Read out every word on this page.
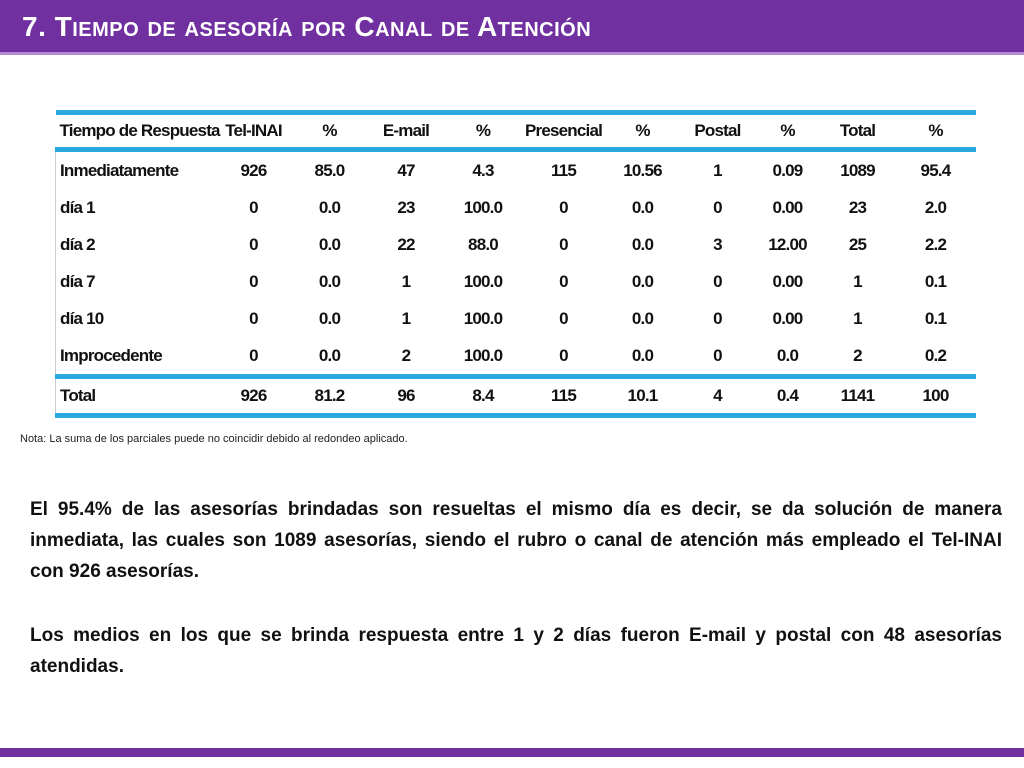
7. Tiempo de asesoría por Canal de Atención
Tiempo de Respuesta	Tel-INAI	%	E-mail	%	Presencial	%	Postal	%	Total	%
Inmediatamente	926	85.0	47	4.3	115	10.56	1	0.09	1089	95.4
día 1	0	0.0	23	100.0	0	0.0	0	0.00	23	2.0
día 2	0	0.0	22	88.0	0	0.0	3	12.00	25	2.2
día 7	0	0.0	1	100.0	0	0.0	0	0.00	1	0.1
día 10	0	0.0	1	100.0	0	0.0	0	0.00	1	0.1
Improcedente	0	0.0	2	100.0	0	0.0	0	0.0	2	0.2
Total	926	81.2	96	8.4	115	10.1	4	0.4	1141	100

Nota: La suma de los parciales puede no coincidir debido al redondeo aplicado.

El 95.4% de las asesorías brindadas son resueltas el mismo día es decir, se da solución de manera inmediata, las cuales son 1089 asesorías, siendo el rubro o canal de atención más empleado el Tel-INAI con 926 asesorías.

Los medios en los que se brinda respuesta entre 1 y 2 días fueron E-mail y postal con 48 asesorías atendidas.
